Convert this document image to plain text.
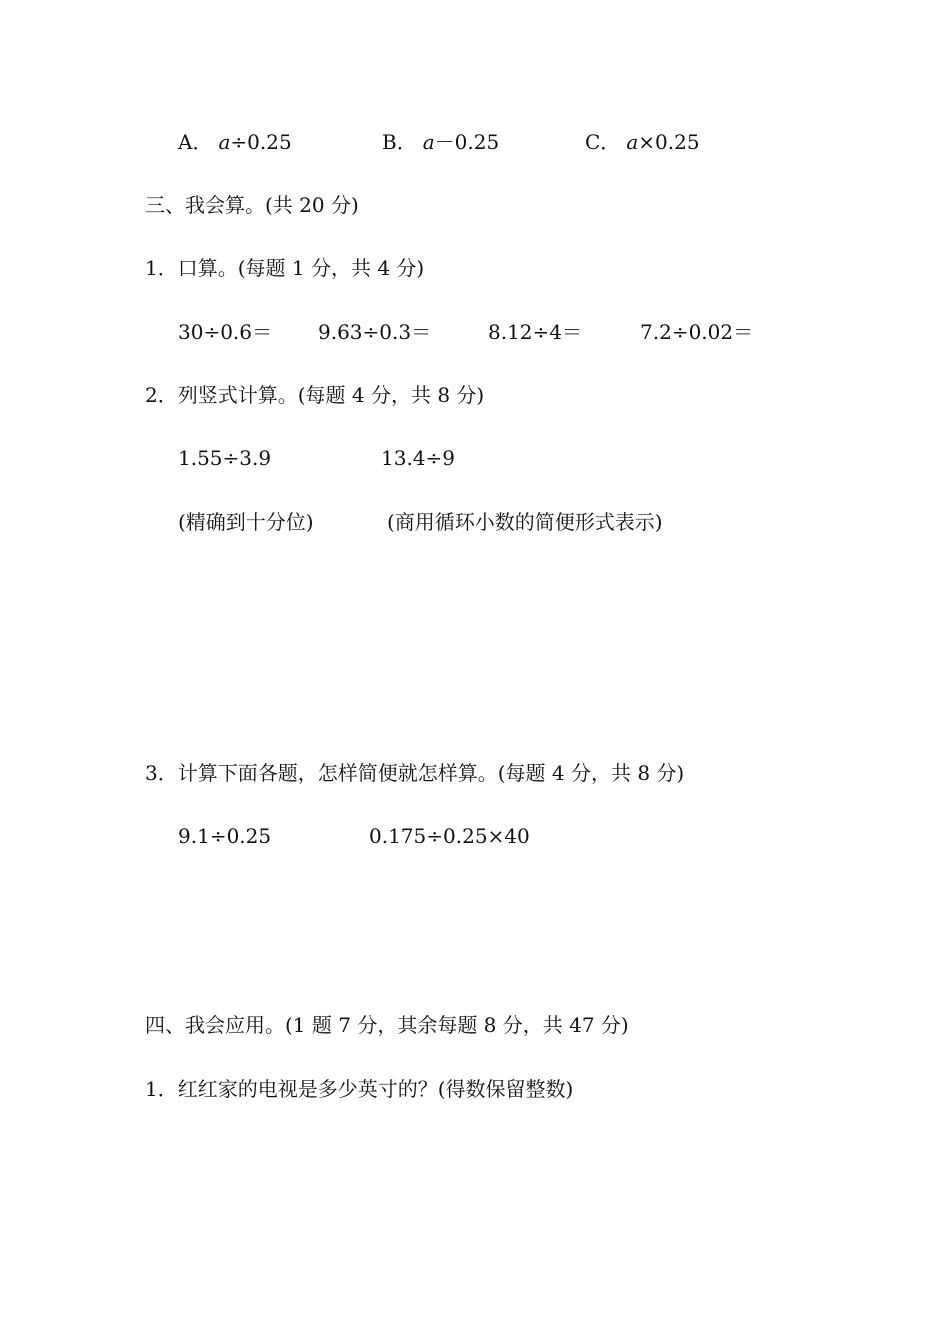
A． a÷0.25	B． a－0.25	C． a×0.25
三、我会算。(共 20 分)
1．口算。(每题 1 分，共 4 分)
30÷0.6＝ 9.63÷0.3＝	8.12÷4＝	7.2÷0.02＝
2．列竖式计算。(每题 4 分，共 8 分)
1.55÷3.9	13.4÷9
(精确到十分位)	(商用循环小数的简便形式表示)
3．计算下面各题，怎样简便就怎样算。(每题 4 分，共 8 分)
9.1÷0.25	0.175÷0.25×40
四、我会应用。(1 题 7 分，其余每题 8 分，共 47 分)
1．红红家的电视是多少英寸的？(得数保留整数)
